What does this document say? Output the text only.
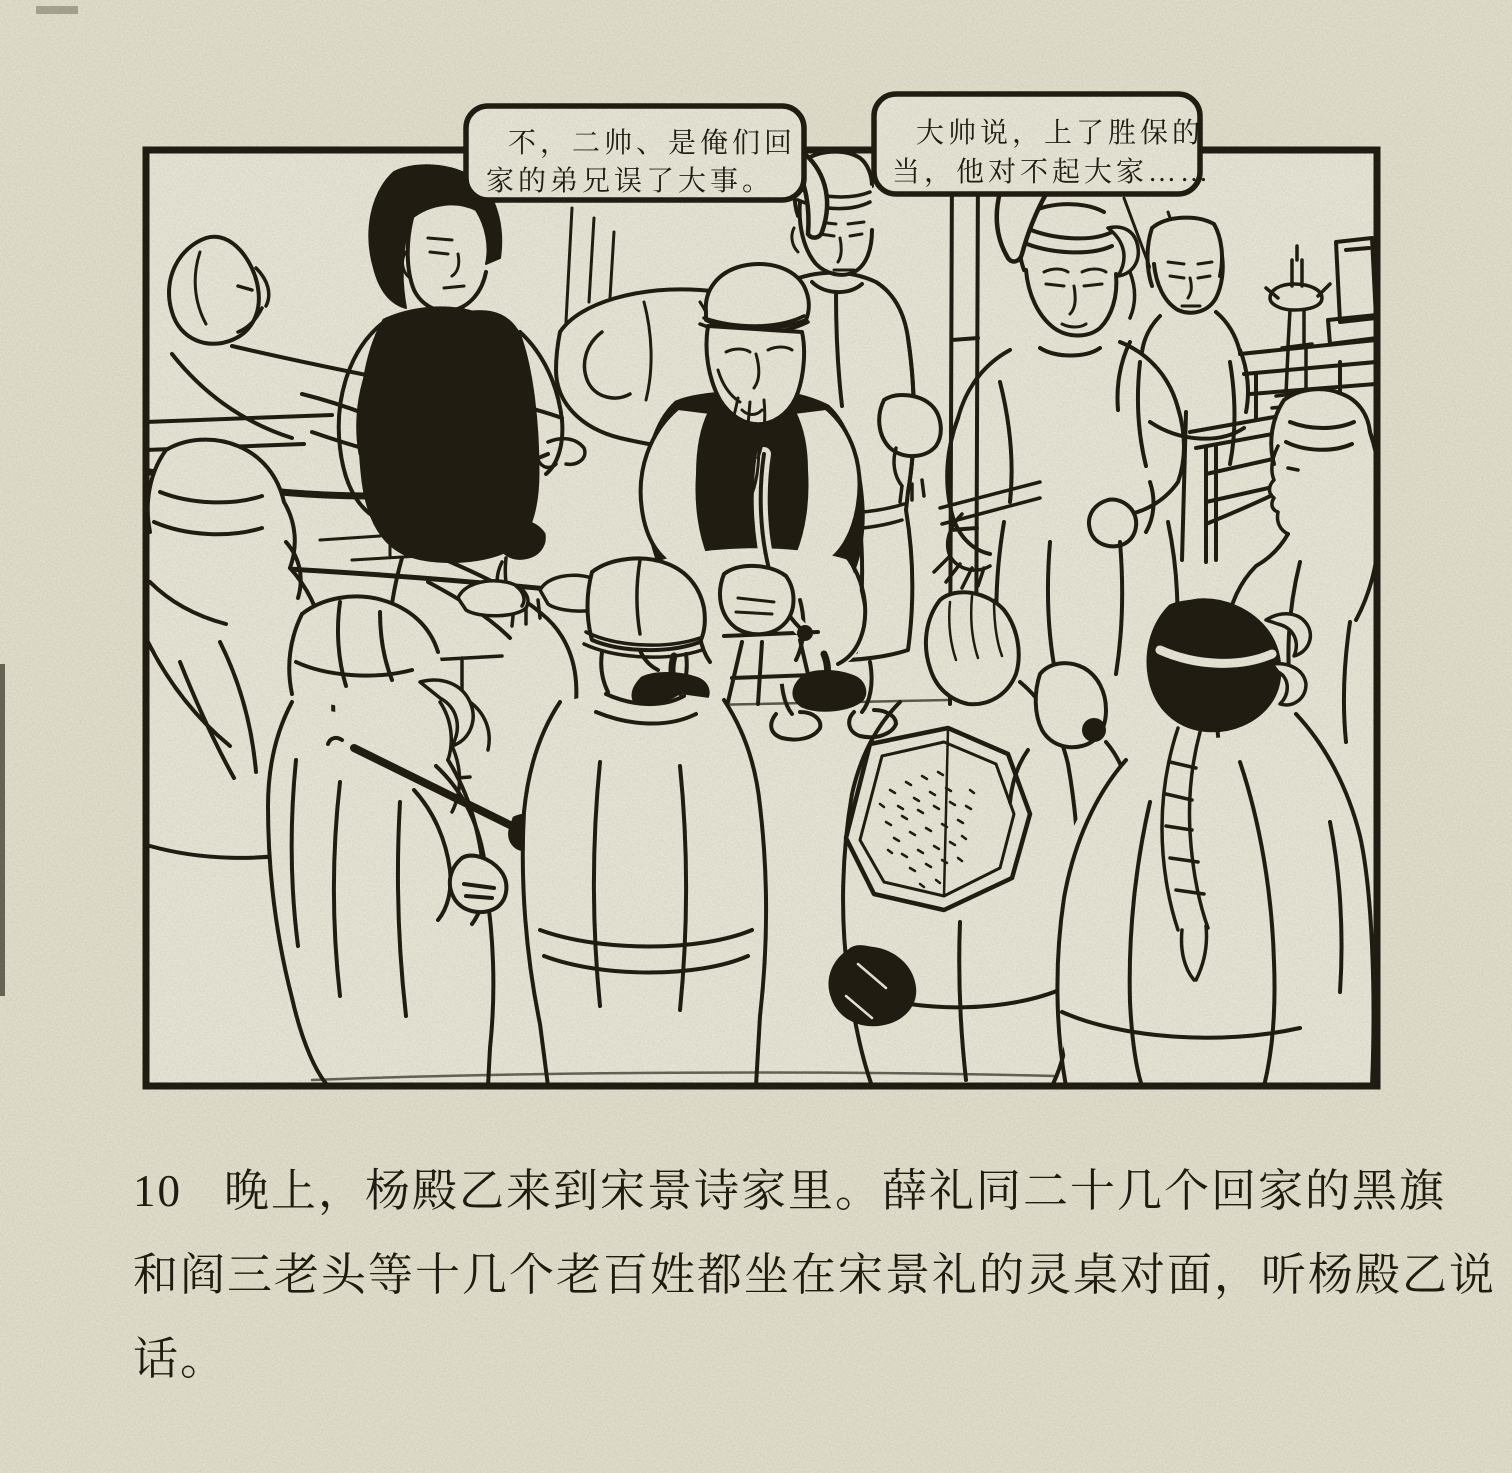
不，二帅、是俺们回
家的弟兄误了大事。
大帅说，上了胜保的
当，他对不起大家……
10 晚上，杨殿乙来到宋景诗家里。薛礼同二十几个回家的黑旗
和阎三老头等十几个老百姓都坐在宋景礼的灵桌对面，听杨殿乙说
话。
